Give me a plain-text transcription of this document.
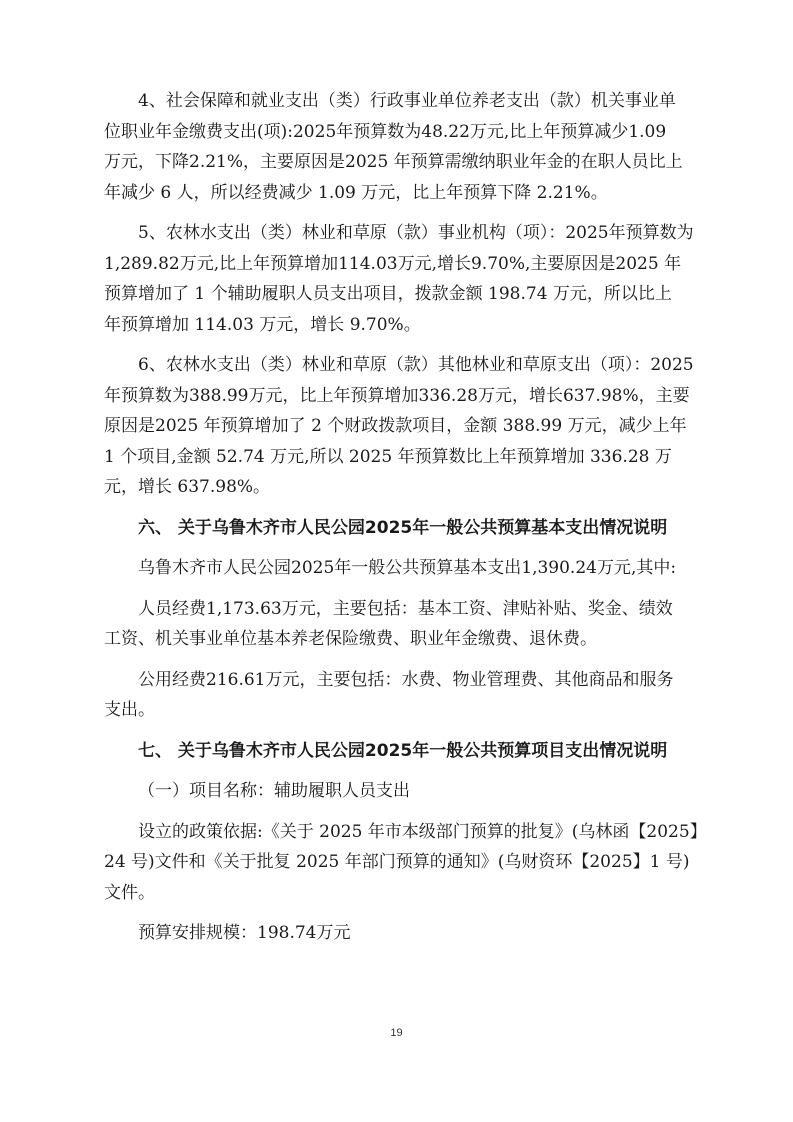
4、社会保障和就业支出（类）行政事业单位养老支出（款）机关事业单
位职业年金缴费支出(项):2025年预算数为48.22万元,比上年预算减少1.09
万元，下降2.21%，主要原因是2025 年预算需缴纳职业年金的在职人员比上
年减少 6 人，所以经费减少 1.09 万元，比上年预算下降 2.21%。
5、农林水支出（类）林业和草原（款）事业机构（项）：2025年预算数为
1,289.82万元,比上年预算增加114.03万元,增长9.70%,主要原因是2025 年
预算增加了 1 个辅助履职人员支出项目，拨款金额 198.74 万元，所以比上
年预算增加 114.03 万元，增长 9.70%。
6、农林水支出（类）林业和草原（款）其他林业和草原支出（项）：2025
年预算数为388.99万元，比上年预算增加336.28万元，增长637.98%，主要
原因是2025 年预算增加了 2 个财政拨款项目，金额 388.99 万元，减少上年
1 个项目,金额 52.74 万元,所以 2025 年预算数比上年预算增加 336.28 万
元，增长 637.98%。
六、 关于乌鲁木齐市人民公园2025年一般公共预算基本支出情况说明
乌鲁木齐市人民公园2025年一般公共预算基本支出1,390.24万元,其中:
人员经费1,173.63万元，主要包括：基本工资、津贴补贴、奖金、绩效
工资、机关事业单位基本养老保险缴费、职业年金缴费、退休费。
公用经费216.61万元，主要包括：水费、物业管理费、其他商品和服务
支出。
七、 关于乌鲁木齐市人民公园2025年一般公共预算项目支出情况说明
（一）项目名称：辅助履职人员支出
设立的政策依据:《关于 2025 年市本级部门预算的批复》(乌林函【2025】
24 号)文件和《关于批复 2025 年部门预算的通知》(乌财资环【2025】1 号)
文件。
预算安排规模：198.74万元
19
